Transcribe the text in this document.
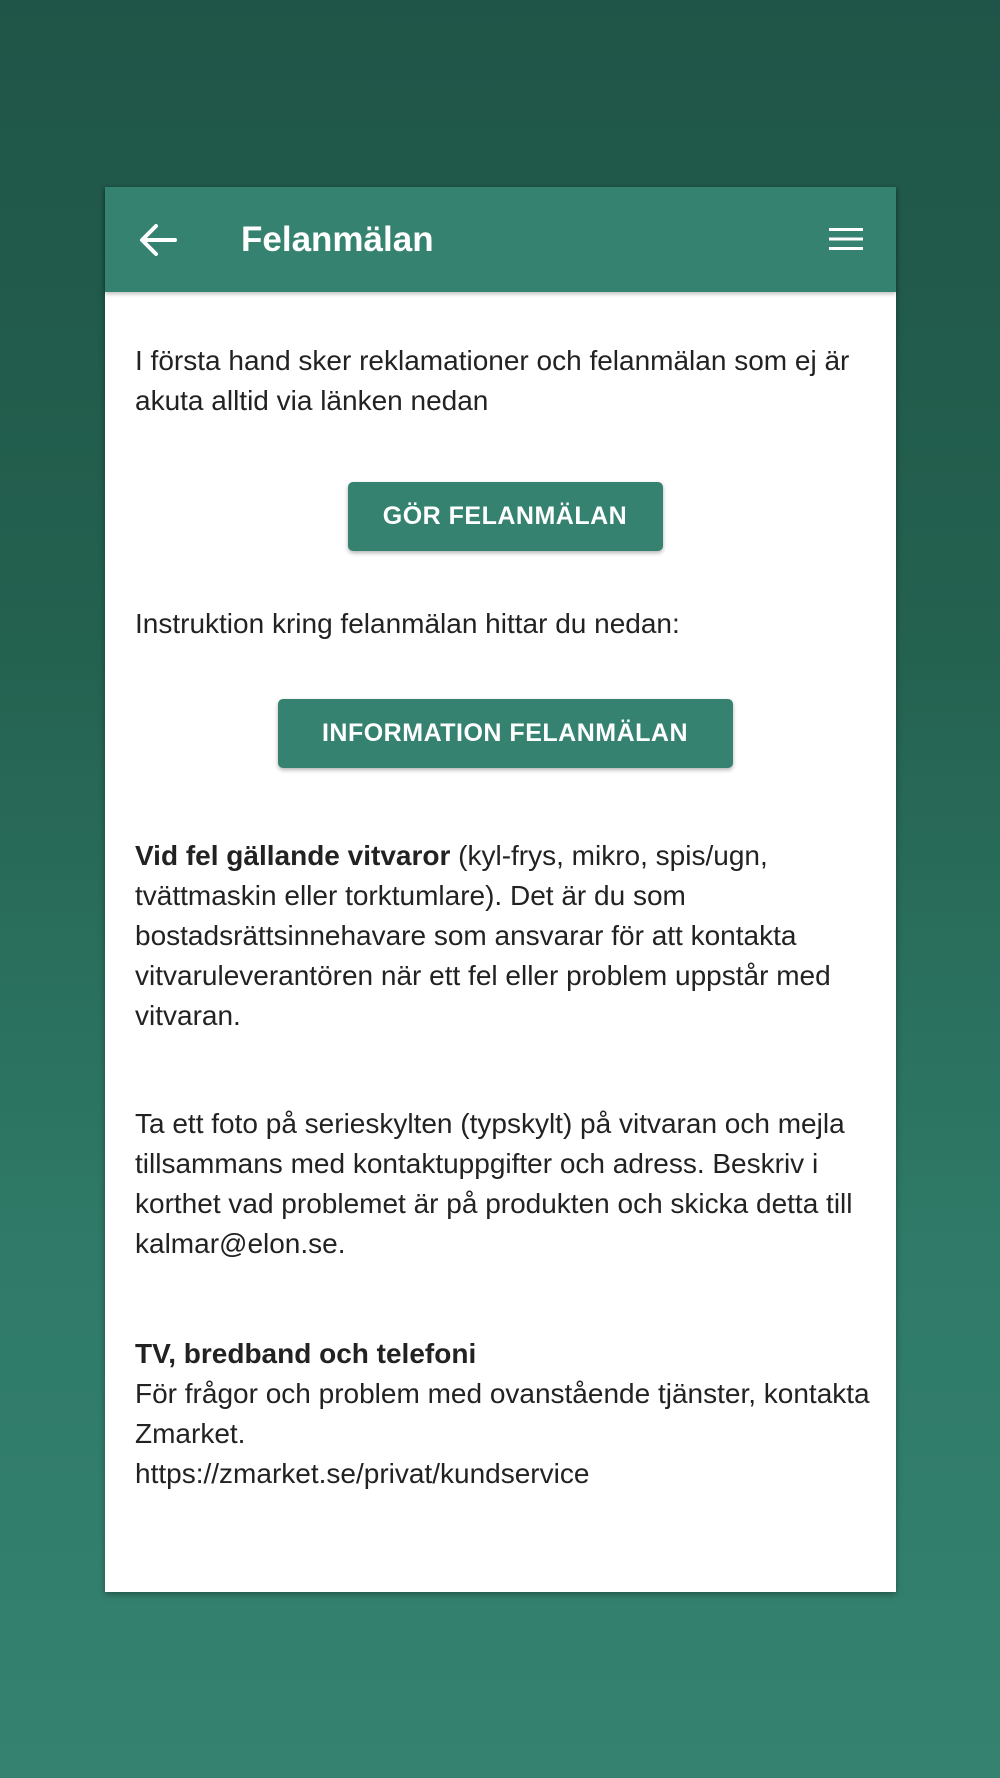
Felanmälan

I första hand sker reklamationer och felanmälan som ej är akuta alltid via länken nedan

GÖR FELANMÄLAN

Instruktion kring felanmälan hittar du nedan:

INFORMATION FELANMÄLAN

Vid fel gällande vitvaror (kyl-frys, mikro, spis/ugn, tvättmaskin eller torktumlare). Det är du som bostadsrättsinnehavare som ansvarar för att kontakta vitvaruleverantören när ett fel eller problem uppstår med vitvaran.

Ta ett foto på serieskylten (typskylt) på vitvaran och mejla tillsammans med kontaktuppgifter och adress. Beskriv i korthet vad problemet är på produkten och skicka detta till kalmar@elon.se.

TV, bredband och telefoni

För frågor och problem med ovanstående tjänster, kontakta Zmarket.

https://zmarket.se/privat/kundservice
